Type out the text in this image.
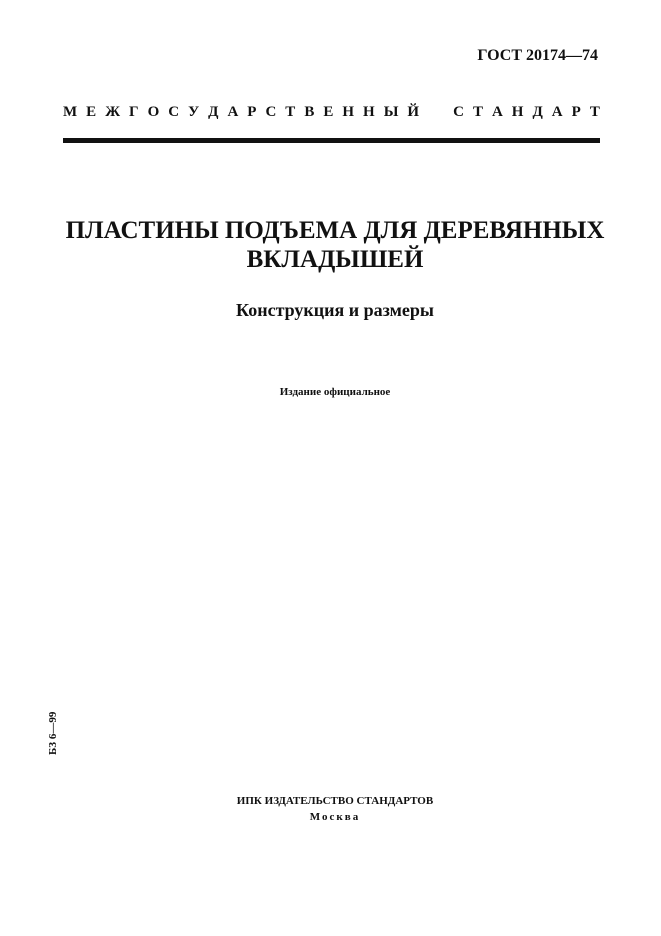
ГОСТ 20174—74
М Е Ж Г О С У Д А Р С Т В Е Н Н Ы Й С Т А Н Д А Р Т
ПЛАСТИНЫ ПОДЪЕМА ДЛЯ ДЕРЕВЯННЫХ
ВКЛАДЫШЕЙ
Конструкция и размеры
Издание официальное
БЗ 6—99
ИПК ИЗДАТЕЛЬСТВО СТАНДАРТОВ
Москва
